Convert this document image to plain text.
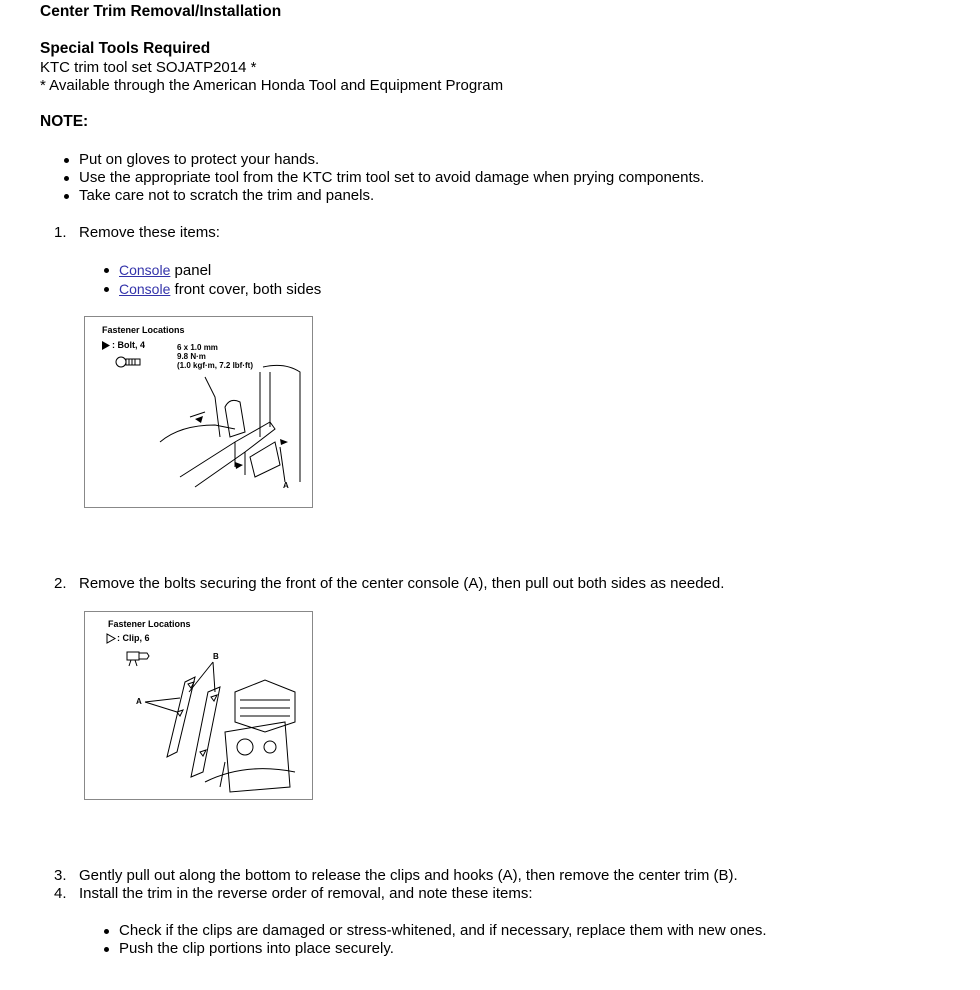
Center Trim Removal/Installation
Special Tools Required
KTC trim tool set SOJATP2014 *
* Available through the American Honda Tool and Equipment Program
NOTE:
Put on gloves to protect your hands.
Use the appropriate tool from the KTC trim tool set to avoid damage when prying components.
Take care not to scratch the trim and panels.
1. Remove these items:
Console panel
Console front cover, both sides
Fastener Locations
: Bolt, 4	6 x 1.0 mm
9.8 N·m
(1.0 kgf·m, 7.2 lbf·ft)
A
2. Remove the bolts securing the front of the center console (A), then pull out both sides as needed.
Fastener Locations
: Clip, 6
B
A
3. Gently pull out along the bottom to release the clips and hooks (A), then remove the center trim (B).
4. Install the trim in the reverse order of removal, and note these items:
Check if the clips are damaged or stress-whitened, and if necessary, replace them with new ones.
Push the clip portions into place securely.
